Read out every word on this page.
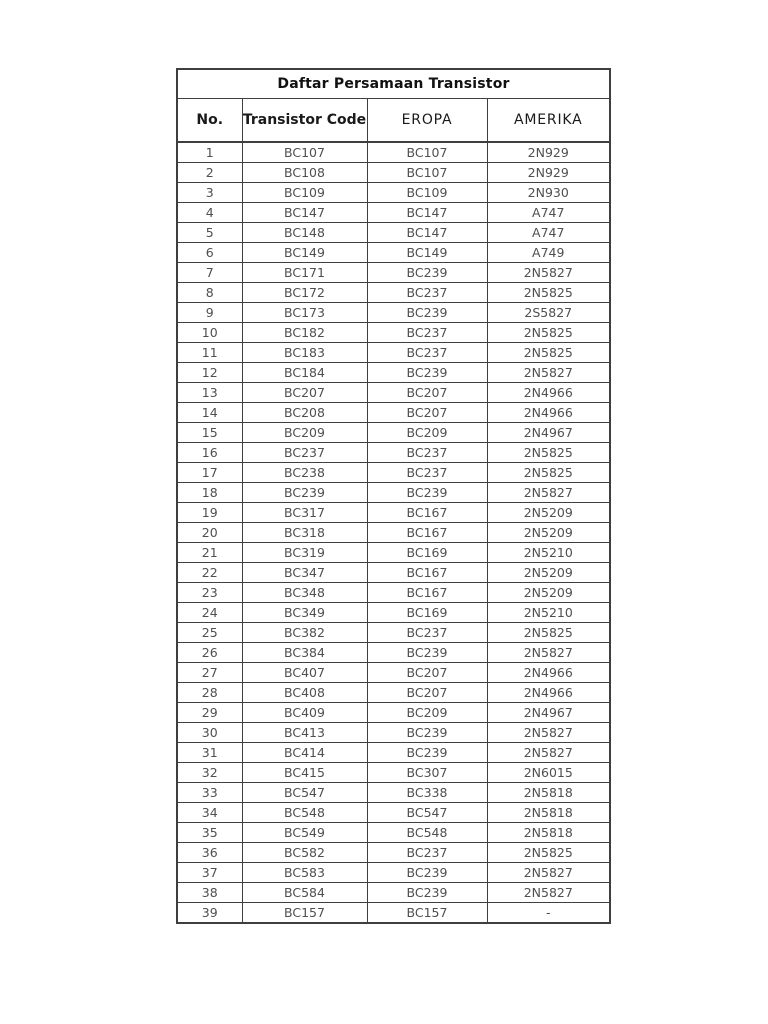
Daftar Persamaan Transistor			
No.	Transistor Code	EROPA	AMERIKA
1	BC107	BC107	2N929
2	BC108	BC107	2N929
3	BC109	BC109	2N930
4	BC147	BC147	A747
5	BC148	BC147	A747
6	BC149	BC149	A749
7	BC171	BC239	2N5827
8	BC172	BC237	2N5825
9	BC173	BC239	2S5827
10	BC182	BC237	2N5825
11	BC183	BC237	2N5825
12	BC184	BC239	2N5827
13	BC207	BC207	2N4966
14	BC208	BC207	2N4966
15	BC209	BC209	2N4967
16	BC237	BC237	2N5825
17	BC238	BC237	2N5825
18	BC239	BC239	2N5827
19	BC317	BC167	2N5209
20	BC318	BC167	2N5209
21	BC319	BC169	2N5210
22	BC347	BC167	2N5209
23	BC348	BC167	2N5209
24	BC349	BC169	2N5210
25	BC382	BC237	2N5825
26	BC384	BC239	2N5827
27	BC407	BC207	2N4966
28	BC408	BC207	2N4966
29	BC409	BC209	2N4967
30	BC413	BC239	2N5827
31	BC414	BC239	2N5827
32	BC415	BC307	2N6015
33	BC547	BC338	2N5818
34	BC548	BC547	2N5818
35	BC549	BC548	2N5818
36	BC582	BC237	2N5825
37	BC583	BC239	2N5827
38	BC584	BC239	2N5827
39	BC157	BC157	-
